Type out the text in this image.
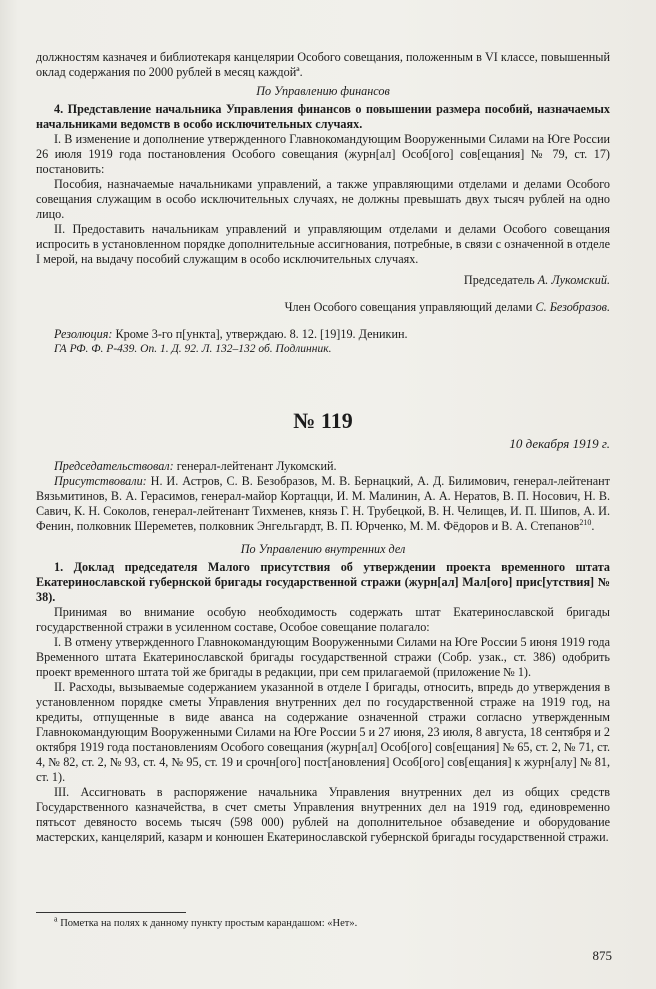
должностям казначея и библиотекаря канцелярии Особого совещания, положенным в VI классе, повышенный оклад содержания по 2000 рублей в месяц каждойª.

По Управлению финансов

4. Представление начальника Управления финансов о повышении размера пособий, назначаемых начальниками ведомств в особо исключительных случаях.

I. В изменение и дополнение утвержденного Главнокомандующим Вооруженными Силами на Юге России 26 июля 1919 года постановления Особого совещания (журн[ал] Особ[ого] сов[ещания] № 79, ст. 17) постановить:

Пособия, назначаемые начальниками управлений, а также управляющими отделами и делами Особого совещания служащим в особо исключительных случаях, не должны превышать двух тысяч рублей на одно лицо.

II. Предоставить начальникам управлений и управляющим отделами и делами Особого совещания испросить в установленном порядке дополнительные ассигнования, потребные, в связи с означенной в отделе I мерой, на выдачу пособий служащим в особо исключительных случаях.

Председатель А. Лукомский.

Член Особого совещания управляющий делами С. Безобразов.

Резолюция: Кроме 3-го п[ункта], утверждаю. 8. 12. [19]19. Деникин.

ГА РФ. Ф. Р-439. Оп. 1. Д. 92. Л. 132–132 об. Подлинник.

№ 119

10 декабря 1919 г.

Председательствовал: генерал-лейтенант Лукомский.

Присутствовали: Н. И. Астров, С. В. Безобразов, М. В. Бернацкий, А. Д. Билимович, генерал-лейтенант Вязьмитинов, В. А. Герасимов, генерал-майор Кортацци, И. М. Малинин, А. А. Нератов, В. П. Носович, Н. В. Савич, К. Н. Соколов, генерал-лейтенант Тихменев, князь Г. Н. Трубецкой, В. Н. Челищев, И. П. Шипов, А. И. Фенин, полковник Шереметев, полковник Энгельгардт, В. П. Юрченко, М. М. Фёдоров и В. А. Степанов$^{210}$.

По Управлению внутренних дел

1. Доклад председателя Малого присутствия об утверждении проекта временного штата Екатеринославской губернской бригады государственной стражи (журн[ал] Мал[ого] прис[утствия] № 38).

Принимая во внимание особую необходимость содержать штат Екатеринославской бригады государственной стражи в усиленном составе, Особое совещание полагало:

I. В отмену утвержденного Главнокомандующим Вооруженными Силами на Юге России 5 июня 1919 года Временного штата Екатеринославской бригады государственной стражи (Собр. узак., ст. 386) одобрить проект временного штата той же бригады в редакции, при сем прилагаемой (приложение № 1).

II. Расходы, вызываемые содержанием указанной в отделе I бригады, относить, впредь до утверждения в установленном порядке сметы Управления внутренних дел по государственной страже на 1919 год, на кредиты, отпущенные в виде аванса на содержание означенной стражи согласно утвержденным Главнокомандующим Вооруженными Силами на Юге России 5 и 27 июня, 23 июля, 8 августа, 18 сентября и 2 октября 1919 года постановлениям Особого совещания (журн[ал] Особ[ого] сов[ещания] № 65, ст. 2, № 71, ст. 4, № 82, ст. 2, № 93, ст. 4, № 95, ст. 19 и срочн[ого] пост[ановления] Особ[ого] сов[ещания] к журн[алу] № 81, ст. 1).

III. Ассигновать в распоряжение начальника Управления внутренних дел из общих средств Государственного казначейства, в счет сметы Управления внутренних дел на 1919 год, единовременно пятьсот девяносто восемь тысяч (598 000) рублей на дополнительное обзаведение и оборудование мастерских, канцелярий, казарм и конюшен Екатеринославской губернской бригады государственной стражи.

$^а$ Пометка на полях к данному пункту простым карандашом: «Нет».
875
